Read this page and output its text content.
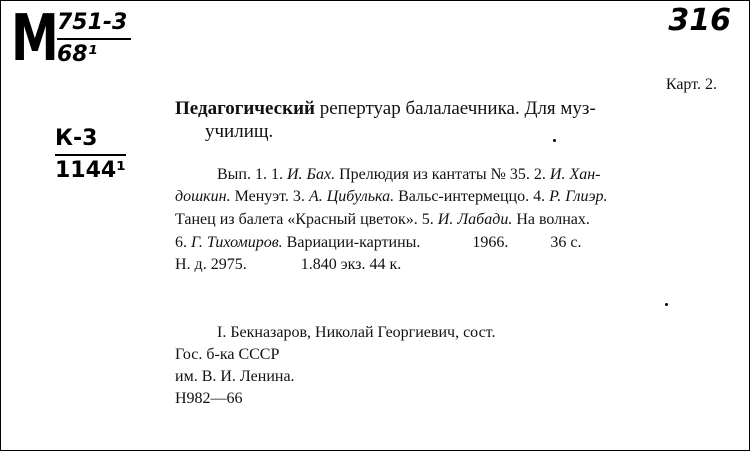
M
$\frac{751-3}{\text{68¹}}$
К-3
1144¹
316
Карт. 2.
Педагогический репертуар балалаечника. Для муз-
училищ.
Вып. 1. 1. И. Бах. Прелюдия из кантаты № 35. 2. И. Хан-
дошкин. Менуэт. 3. А. Цибулька. Вальс-интермеццо. 4. Р. Глиэр.
Танец из балета «Красный цветок». 5. И. Лабади. На волнах.
6. Г. Тихомиров. Вариации-картины.	1966.	36 с.
Н. д. 2975.	1.840 экз. 44 к.
I. Бекназаров, Николай Георгиевич, сост.
Гос. б-ка СССР
им. В. И. Ленина.
Н982—66
